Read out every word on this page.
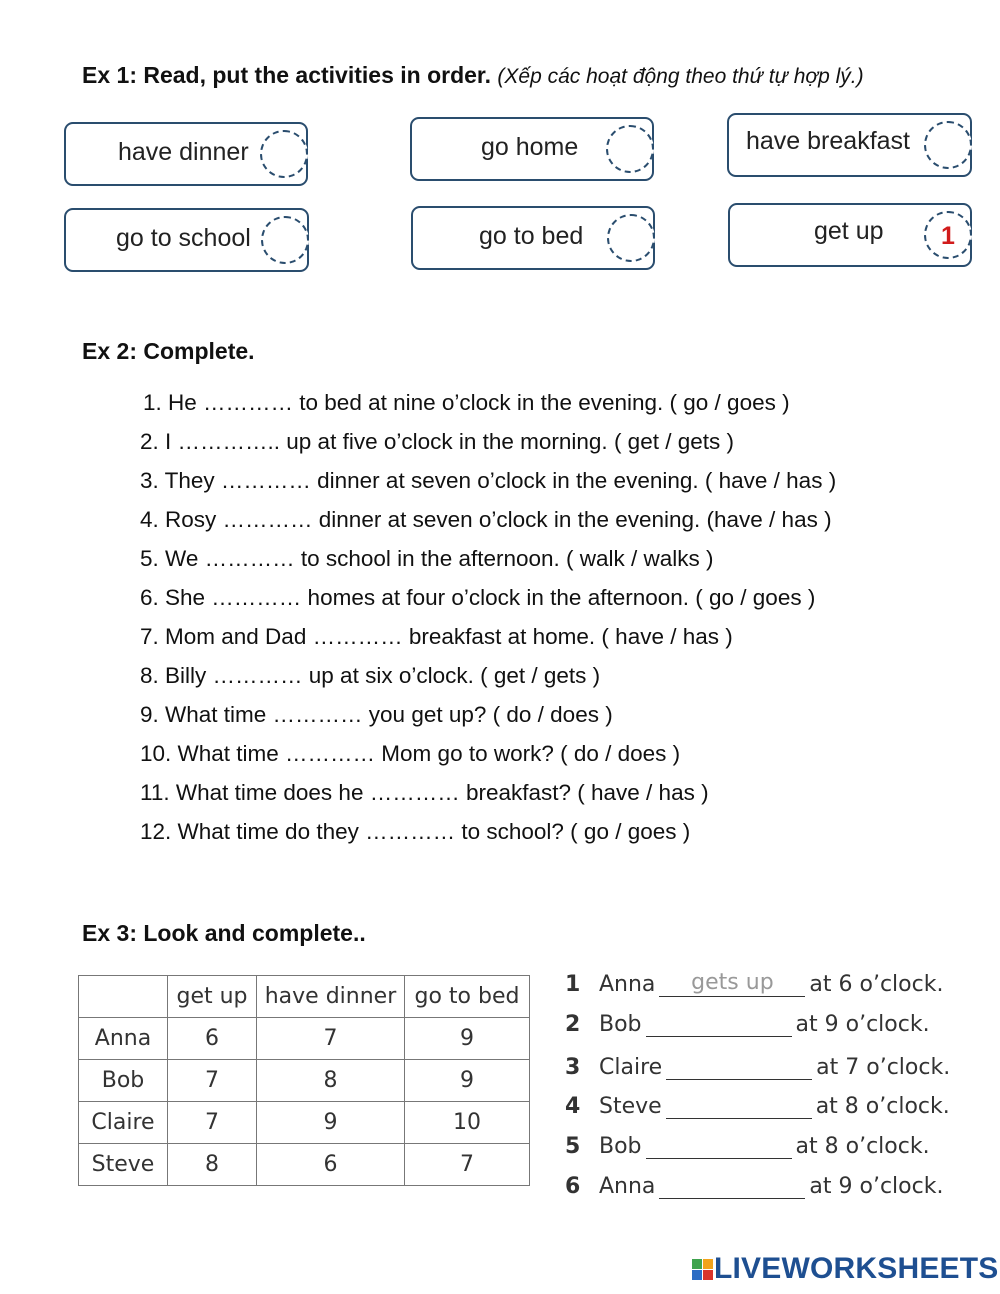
Ex 1: Read, put the activities in order. (Xếp các hoạt động theo thứ tự hợp lý.)
have dinner	go home	have breakfast
go to school	go to bed	get up	1
Ex 2: Complete.
1. He ………… to bed at nine o’clock in the evening. ( go / goes )
2. I ………….. up at five o’clock in the morning. ( get / gets )
3. They ………… dinner at seven o’clock in the evening. ( have / has )
4. Rosy ………… dinner at seven o’clock in the evening. (have / has )
5. We ………… to school in the afternoon. ( walk / walks )
6. She ………… homes at four o’clock in the afternoon. ( go / goes )
7. Mom and Dad ………… breakfast at home. ( have / has )
8. Billy ………… up at six o’clock. ( get / gets )
9. What time ………… you get up? ( do / does )
10. What time ………… Mom go to work? ( do / does )
11. What time does he ………… breakfast? ( have / has )
12. What time do they ………… to school? ( go / goes )
Ex 3: Look and complete..
	get up	have dinner	go to bed
Anna	6	7	9
Bob	7	8	9
Claire	7	9	10
Steve	8	6	7
1 Anna gets up at 6 o’clock.
2 Bob	at 9 o’clock.
3 Claire	at 7 o’clock.
4 Steve	at 8 o’clock.
5 Bob	at 8 o’clock.
6 Anna	at 9 o’clock.
LIVEWORKSHEETS
